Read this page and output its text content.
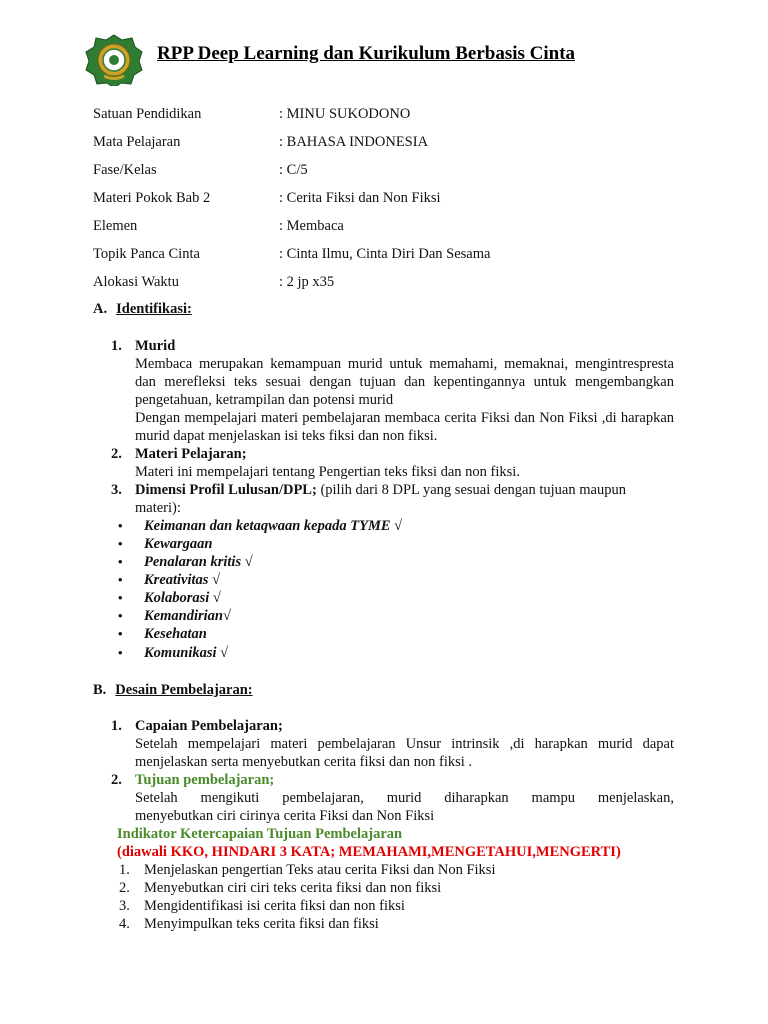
RPP Deep Learning dan Kurikulum Berbasis Cinta
Satuan Pendidikan	: MINU SUKODONO
Mata Pelajaran	: BAHASA INDONESIA
Fase/Kelas	: C/5
Materi Pokok Bab 2	: Cerita Fiksi dan Non Fiksi
Elemen	: Membaca
Topik Panca Cinta	: Cinta Ilmu, Cinta Diri Dan Sesama
Alokasi Waktu	: 2 jp x35
A. Identifikasi:
1. Murid
Membaca merupakan kemampuan murid untuk memahami, memaknai, mengintrespresta dan merefleksi teks sesuai dengan tujuan dan kepentingannya untuk mengembangkan pengetahuan, ketrampilan dan potensi murid
Dengan mempelajari materi pembelajaran membaca cerita Fiksi dan Non Fiksi ,di harapkan murid dapat menjelaskan isi teks fiksi dan non fiksi.
2. Materi Pelajaran;
Materi ini mempelajari tentang Pengertian teks fiksi dan non fiksi.
3. Dimensi Profil Lulusan/DPL; (pilih dari 8 DPL yang sesuai dengan tujuan maupun
materi):
• Keimanan dan ketaqwaan kepada TYME √
• Kewargaan
• Penalaran kritis √
• Kreativitas √
• Kolaborasi √
• Kemandirian√
• Kesehatan
• Komunikasi √
B. Desain Pembelajaran:
1. Capaian Pembelajaran;
Setelah mempelajari materi pembelajaran Unsur intrinsik ,di harapkan murid dapat menjelaskan serta menyebutkan cerita fiksi dan non fiksi .
2. Tujuan pembelajaran;
Setelah mengikuti pembelajaran, murid diharapkan mampu menjelaskan,
menyebutkan ciri cirinya cerita Fiksi dan Non Fiksi
Indikator Ketercapaian Tujuan Pembelajaran
(diawali KKO, HINDARI 3 KATA; MEMAHAMI,MENGETAHUI,MENGERTI)
1. Menjelaskan pengertian Teks atau cerita Fiksi dan Non Fiksi
2. Menyebutkan ciri ciri teks cerita fiksi dan non fiksi
3. Mengidentifikasi isi cerita fiksi dan non fiksi
4. Menyimpulkan teks cerita fiksi dan fiksi
